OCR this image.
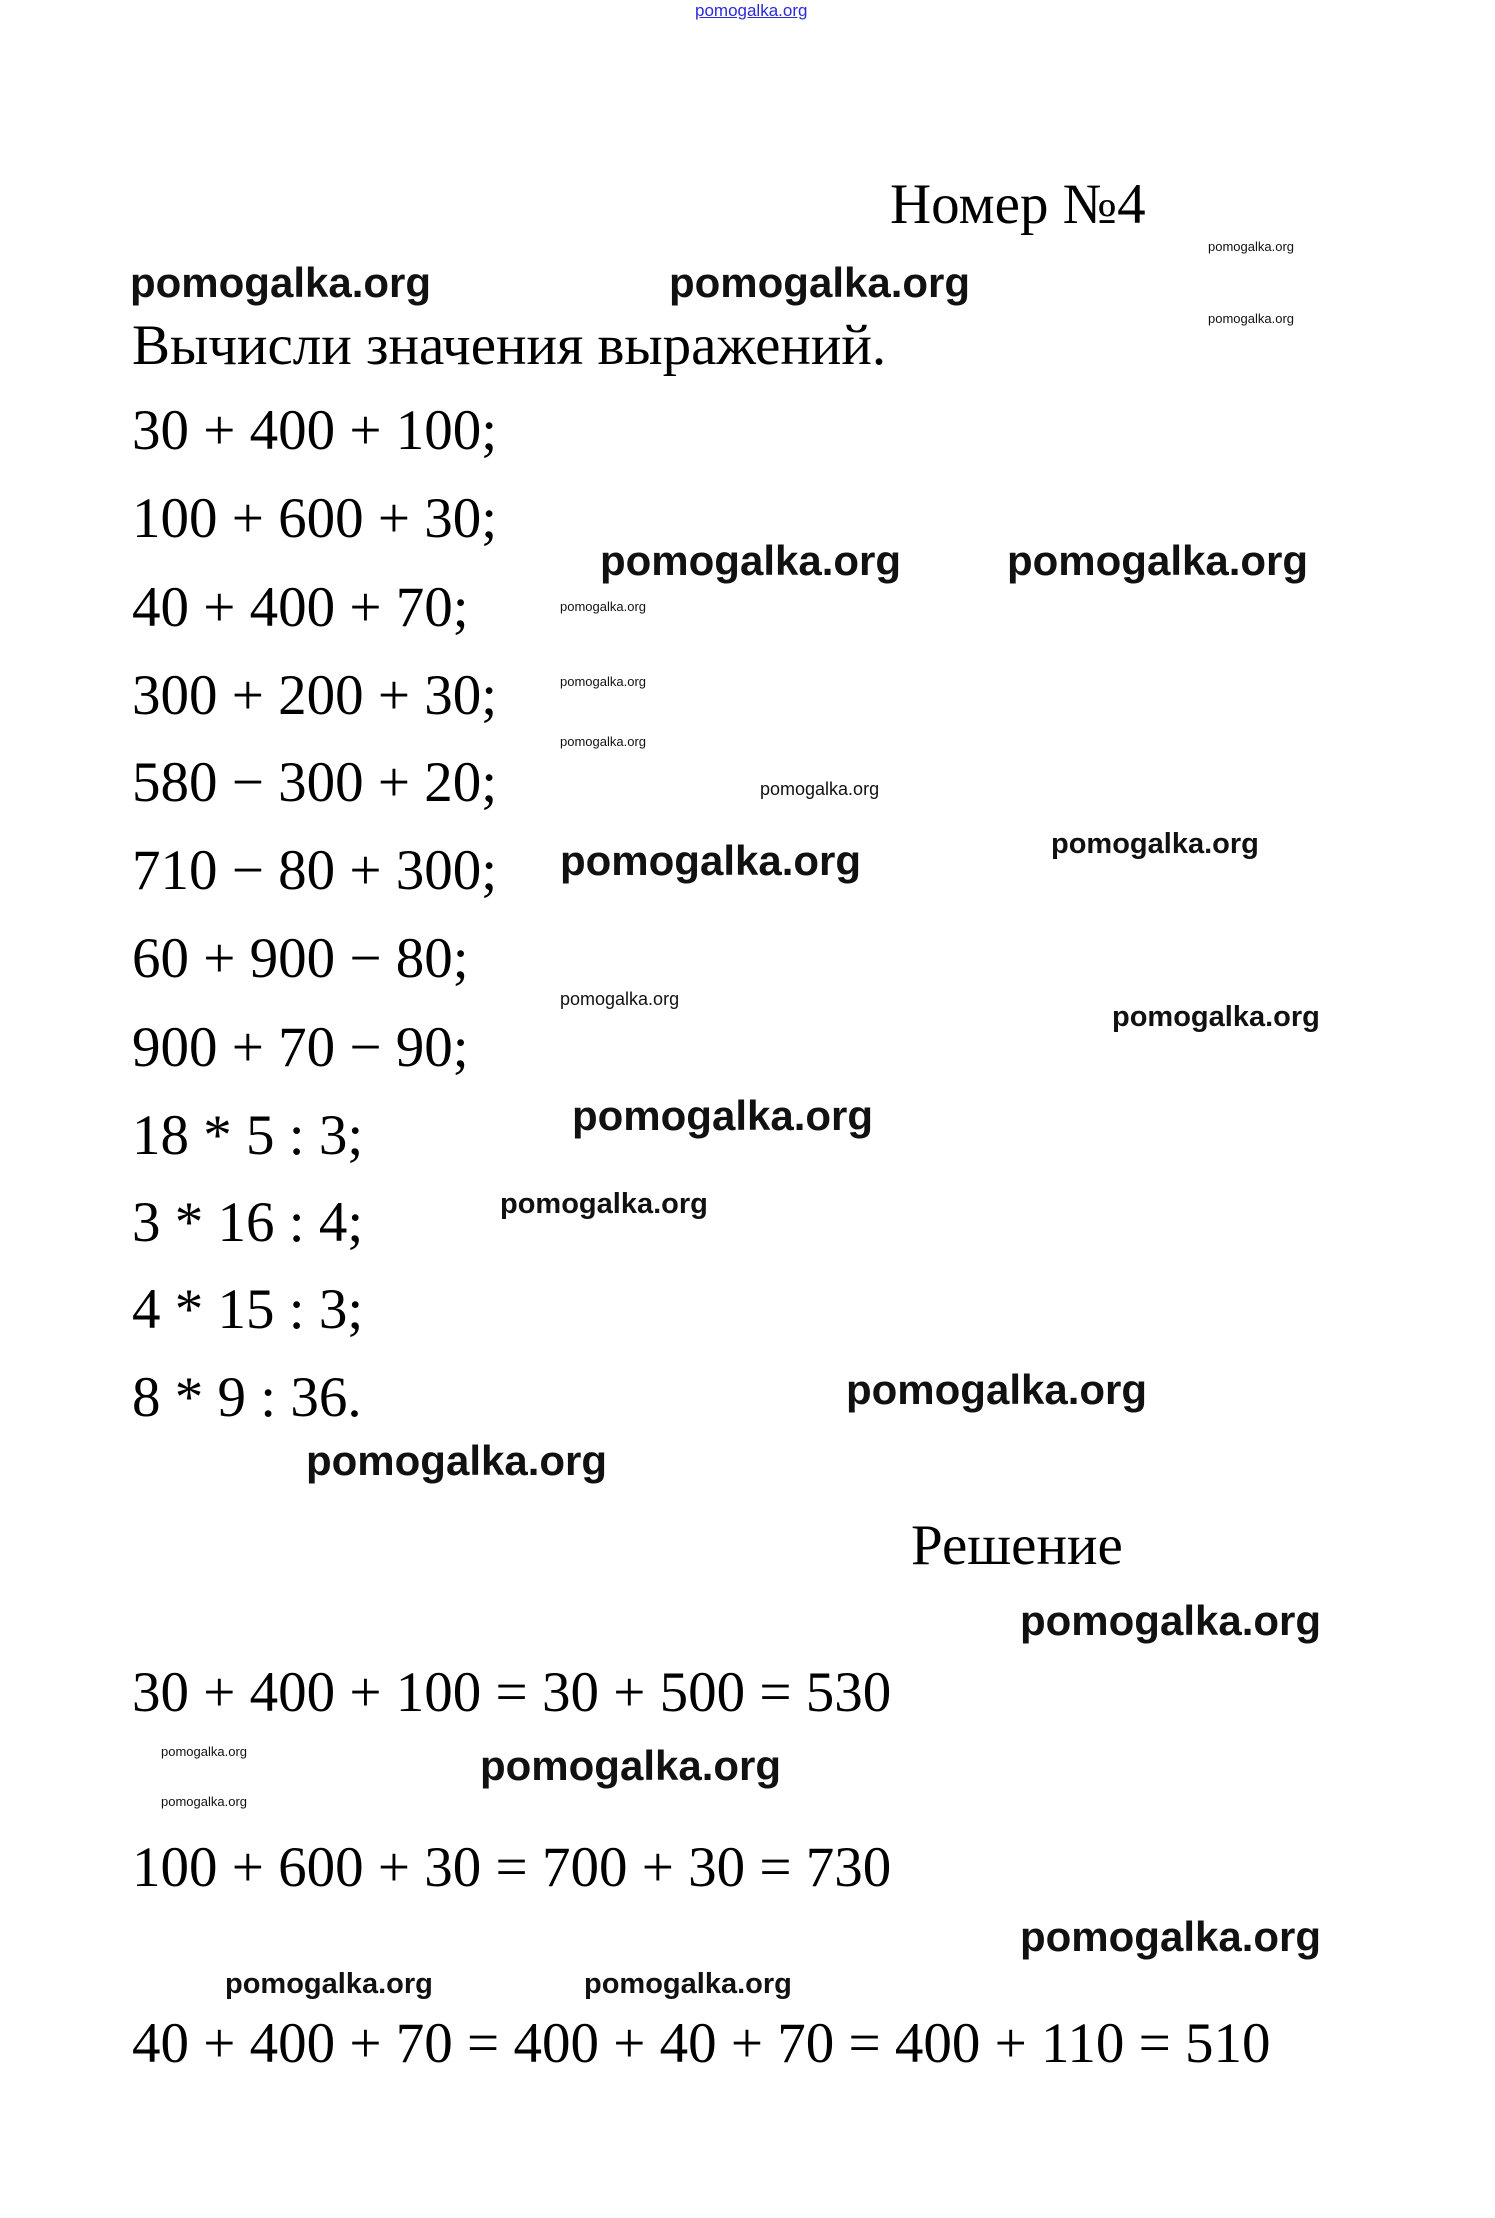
pomogalka.org
Номер №4
Вычисли значения выражений.
30 + 400 + 100;
100 + 600 + 30;
40 + 400 + 70;
300 + 200 + 30;
580 − 300 + 20;
710 − 80 + 300;
60 + 900 − 80;
900 + 70 − 90;
18 * 5 : 3;
3 * 16 : 4;
4 * 15 : 3;
8 * 9 : 36.
Решение
30 + 400 + 100 = 30 + 500 = 530
100 + 600 + 30 = 700 + 30 = 730
40 + 400 + 70 = 400 + 40 + 70 = 400 + 110 = 510
pomogalka.org
pomogalka.org	pomogalka.org
pomogalka.org
pomogalka.org
pomogalka.org	pomogalka.org
pomogalka.org
pomogalka.org
pomogalka.org
pomogalka.org	pomogalka.org
pomogalka.org
pomogalka.org
pomogalka.org
pomogalka.org
pomogalka.org
pomogalka.org
pomogalka.org
pomogalka.org	pomogalka.org
pomogalka.org
pomogalka.org
pomogalka.org	pomogalka.org
